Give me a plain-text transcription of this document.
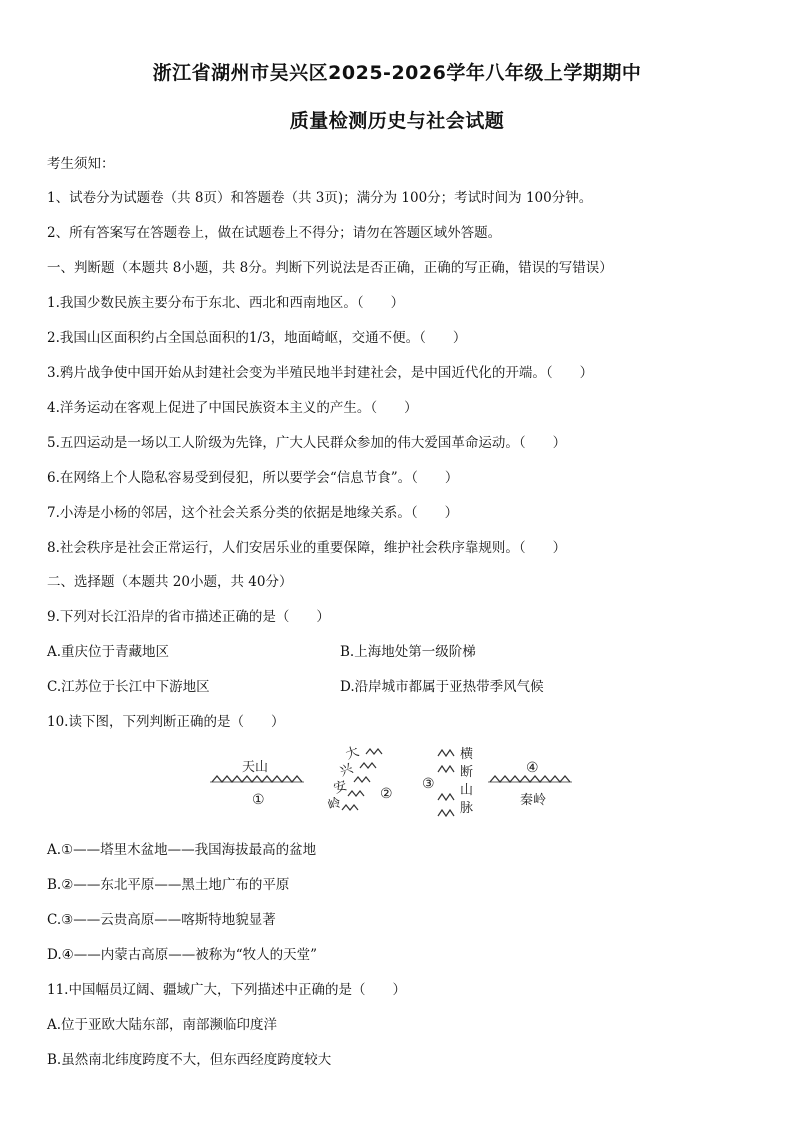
浙江省湖州市吴兴区2025-2026学年八年级上学期期中
质量检测历史与社会试题
考生须知：
1、试卷分为试题卷（共 8页）和答题卷（共 3页)；满分为 100分；考试时间为 100分钟。
2、所有答案写在答题卷上，做在试题卷上不得分；请勿在答题区域外答题。
一、判断题（本题共 8小题，共 8分。判断下列说法是否正确，正确的写正确，错误的写错误）
1.我国少数民族主要分布于东北、西北和西南地区。（　　）
2.我国山区面积约占全国总面积的1/3，地面崎岖，交通不便。（　　）
3.鸦片战争使中国开始从封建社会变为半殖民地半封建社会，是中国近代化的开端。（　　）
4.洋务运动在客观上促进了中国民族资本主义的产生。（　　）
5.五四运动是一场以工人阶级为先锋，广大人民群众参加的伟大爱国革命运动。（　　）
6.在网络上个人隐私容易受到侵犯，所以要学会“信息节食”。（　　）
7.小涛是小杨的邻居，这个社会关系分类的依据是地缘关系。（　　）
8.社会秩序是社会正常运行，人们安居乐业的重要保障，维护社会秩序靠规则。（　　）
二、选择题（本题共 20小题，共 40分）
9.下列对长江沿岸的省市描述正确的是（　　）
A.重庆位于青藏地区	B.上海地处第一级阶梯
C.江苏位于长江中下游地区	D.沿岸城市都属于亚热带季风气候
10.读下图，下列判断正确的是（　　）
天山
①
大
兴
安
岭
②
③
横
断
山
脉
④
秦岭
A.①——塔里木盆地——我国海拔最高的盆地
B.②——东北平原——黑土地广布的平原
C.③——云贵高原——喀斯特地貌显著
D.④——内蒙古高原——被称为“牧人的天堂”
11.中国幅员辽阔、疆域广大，下列描述中正确的是（　　）
A.位于亚欧大陆东部，南部濒临印度洋
B.虽然南北纬度跨度不大，但东西经度跨度较大
